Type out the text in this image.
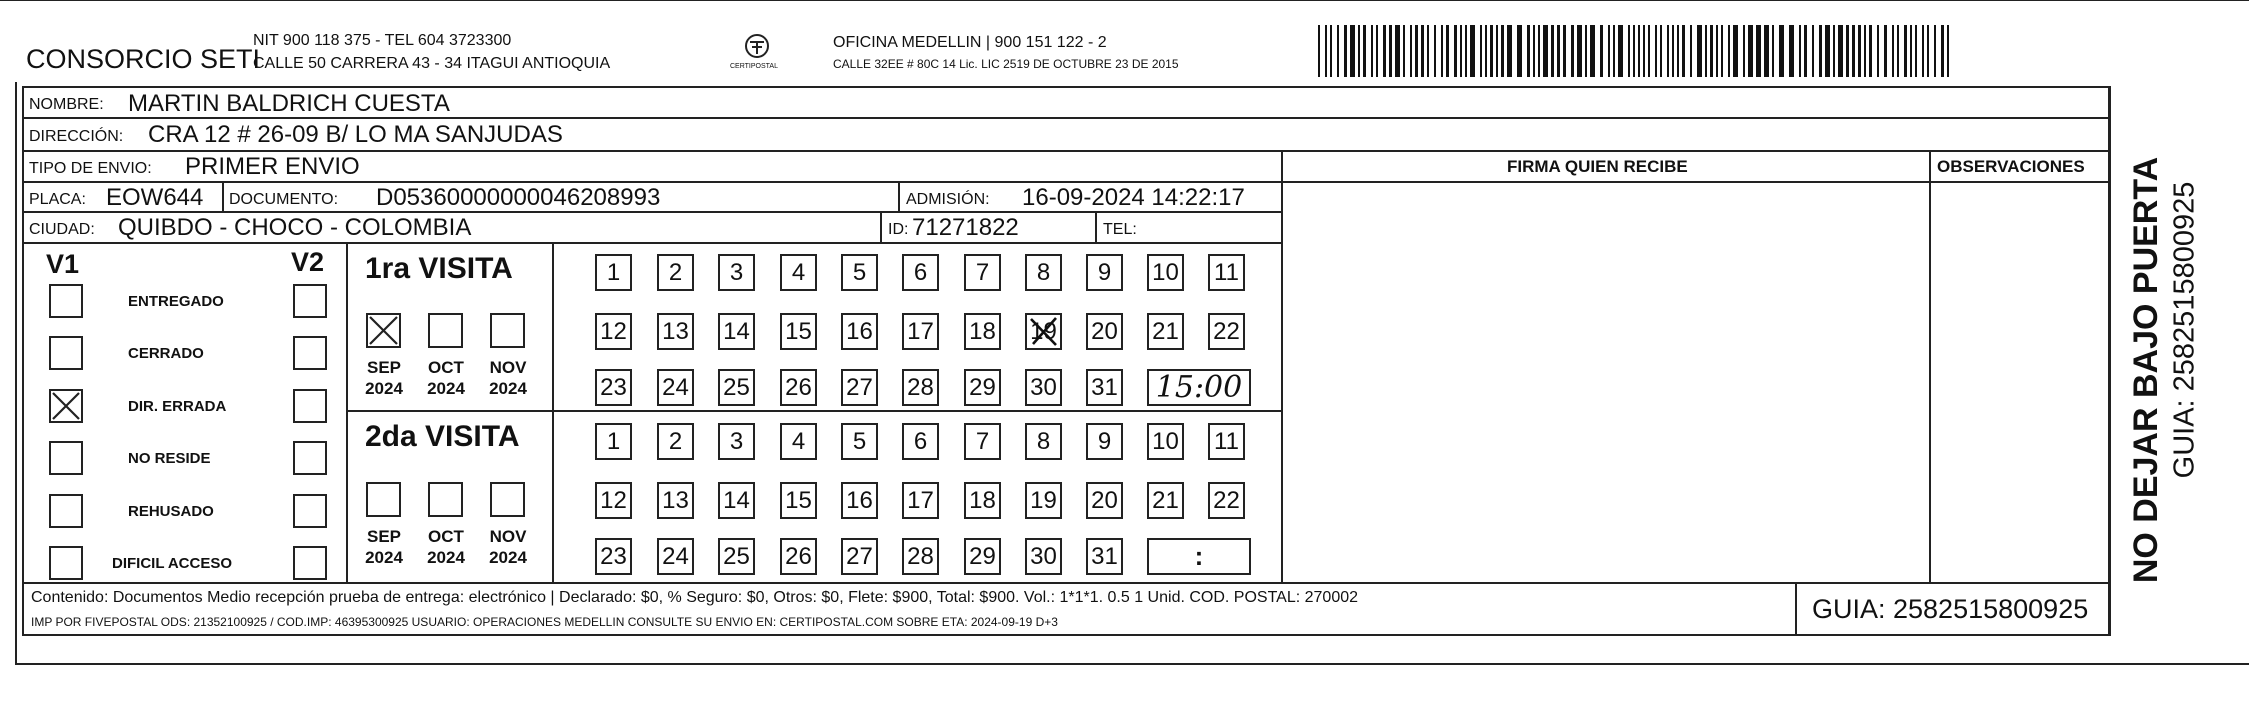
CONSORCIO SETI
NIT 900 118 375 - TEL 604 3723300
CALLE 50 CARRERA 43 - 34 ITAGUI ANTIOQUIA	CERTIPOSTAL
OFICINA MEDELLIN | 900 151 122 - 2
CALLE 32EE # 80C 14 Lic. LIC 2519 DE OCTUBRE 23 DE 2015
NOMBRE: MARTIN BALDRICH CUESTA
DIRECCIÓN: CRA 12 # 26-09 B/ LO MA SANJUDAS
TIPO DE ENVIO: PRIMER ENVIO
PLACA: EOW644 DOCUMENTO: D05360000000046208993	ADMISIÓN: 16-09-2024 14:22:17
CIUDAD: QUIBDO - CHOCO - COLOMBIA	ID: 71271822	TEL:
FIRMA QUIEN RECIBE	OBSERVACIONES
V1	V2
ENTREGADO
CERRADO
DIR. ERRADA
NO RESIDE
REHUSADO
DIFICIL ACCESO
1ra VISITA
2da VISITA
SEP
2024
OCT
2024
NOV
2024
1	2	3	4	5	6	7	8	9	10 11
12 13 14 15 16 17 18 19 20 21 22
23 24 25 26 27 28 29 30 31 15:00
SEP
2024
OCT
2024
NOV
2024
1	2	3	4	5	6	7	8	9	10 11
12 13 14 15 16 17 18 19 20 21 22
23 24 25 26 27 28 29 30 31	:
Contenido: Documentos Medio recepción prueba de entrega: electrónico | Declarado: $0, % Seguro: $0, Otros: $0, Flete: $900, Total: $900. Vol.: 1*1*1. 0.5 1 Unid. COD. POSTAL: 270002
IMP POR FIVEPOSTAL ODS: 21352100925 / COD.IMP: 46395300925 USUARIO: OPERACIONES MEDELLIN CONSULTE SU ENVIO EN: CERTIPOSTAL.COM SOBRE ETA: 2024-09-19 D+3	GUIA: 2582515800925
NO DEJAR BAJO PUERTA GUIA: 2582515800925
